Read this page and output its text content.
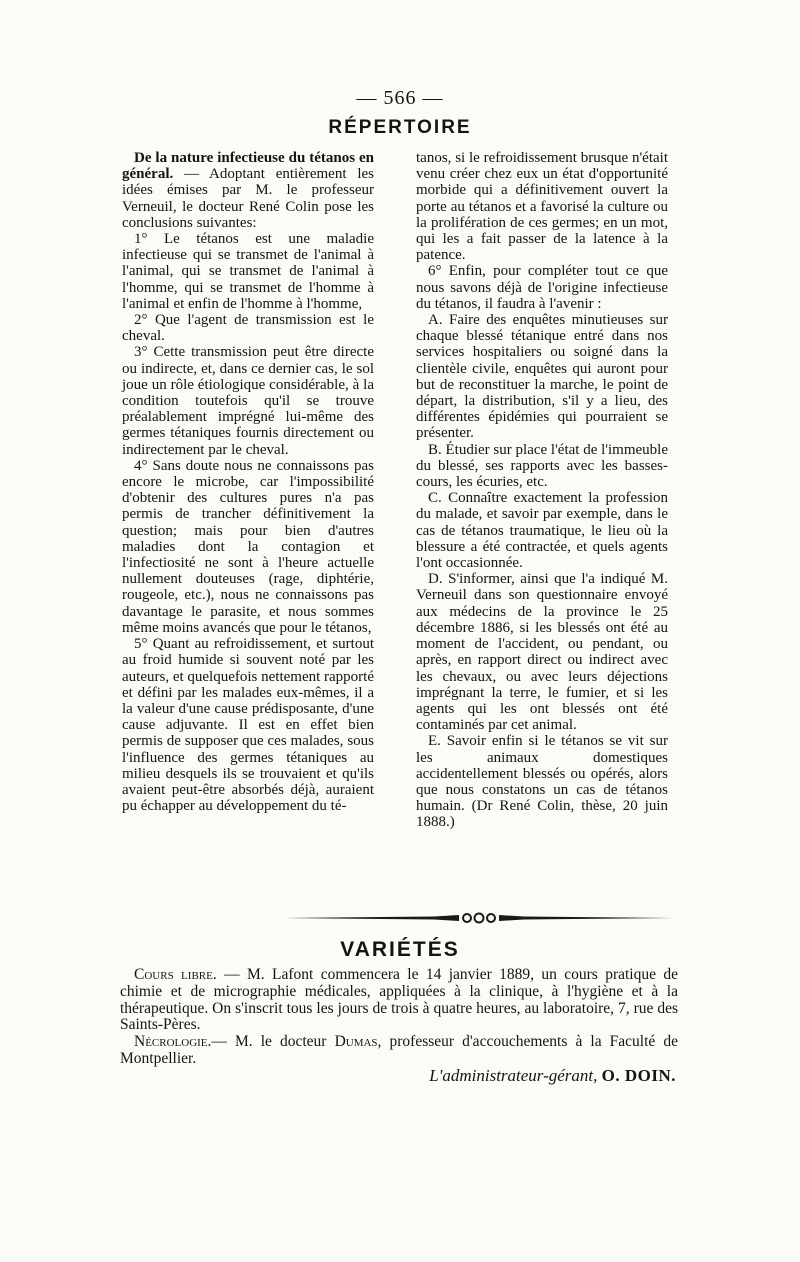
— 566 —
RÉPERTOIRE

De la nature infectieuse du tétanos en général. — Adoptant entièrement les idées émises par M. le professeur Verneuil, le docteur René Colin pose les conclusions suivantes:

1° Le tétanos est une maladie infectieuse qui se transmet de l'animal à l'animal, qui se transmet de l'animal à l'homme, qui se transmet de l'homme à l'animal et enfin de l'homme à l'homme,

2° Que l'agent de transmission est le cheval.

3° Cette transmission peut être directe ou indirecte, et, dans ce dernier cas, le sol joue un rôle étiologique considérable, à la condition toutefois qu'il se trouve préalablement imprégné lui-même des germes tétaniques fournis directement ou indirectement par le cheval.

4° Sans doute nous ne connaissons pas encore le microbe, car l'impossibilité d'obtenir des cultures pures n'a pas permis de trancher définitivement la question; mais pour bien d'autres maladies dont la contagion et l'infectiosité ne sont à l'heure actuelle nullement douteuses (rage, diphtérie, rougeole, etc.), nous ne connaissons pas davantage le parasite, et nous sommes même moins avancés que pour le tétanos,

5° Quant au refroidissement, et surtout au froid humide si souvent noté par les auteurs, et quelquefois nettement rapporté et défini par les malades eux-mêmes, il a la valeur d'une cause prédisposante, d'une cause adjuvante. Il est en effet bien permis de supposer que ces malades, sous l'influence des germes tétaniques au milieu desquels ils se trouvaient et qu'ils avaient peut-être absorbés déjà, auraient pu échapper au développement du té-

tanos, si le refroidissement brusque n'était venu créer chez eux un état d'opportunité morbide qui a définitivement ouvert la porte au tétanos et a favorisé la culture ou la prolifération de ces germes; en un mot, qui les a fait passer de la latence à la patence.

6° Enfin, pour compléter tout ce que nous savons déjà de l'origine infectieuse du tétanos, il faudra à l'avenir :

A. Faire des enquêtes minutieuses sur chaque blessé tétanique entré dans nos services hospitaliers ou soigné dans la clientèle civile, enquêtes qui auront pour but de reconstituer la marche, le point de départ, la distribution, s'il y a lieu, des différentes épidémies qui pourraient se présenter.

B. Étudier sur place l'état de l'immeuble du blessé, ses rapports avec les basses-cours, les écuries, etc.

C. Connaître exactement la profession du malade, et savoir par exemple, dans le cas de tétanos traumatique, le lieu où la blessure a été contractée, et quels agents l'ont occasionnée.

D. S'informer, ainsi que l'a indiqué M. Verneuil dans son questionnaire envoyé aux médecins de la province le 25 décembre 1886, si les blessés ont été au moment de l'accident, ou pendant, ou après, en rapport direct ou indirect avec les chevaux, ou avec leurs déjections imprégnant la terre, le fumier, et si les agents qui les ont blessés ont été contaminés par cet animal.

E. Savoir enfin si le tétanos se vit sur les animaux domestiques accidentellement blessés ou opérés, alors que nous constatons un cas de tétanos humain. (Dr René Colin, thèse, 20 juin 1888.)

VARIÉTÉS

Cours libre. — M. Lafont commencera le 14 janvier 1889, un cours pratique de chimie et de micrographie médicales, appliquées à la clinique, à l'hygiène et à la thérapeutique. On s'inscrit tous les jours de trois à quatre heures, au laboratoire, 7, rue des Saints-Pères.

Nécrologie.— M. le docteur Dumas, professeur d'accouchements à la Faculté de Montpellier.

L'administrateur-gérant, O. DOIN.
